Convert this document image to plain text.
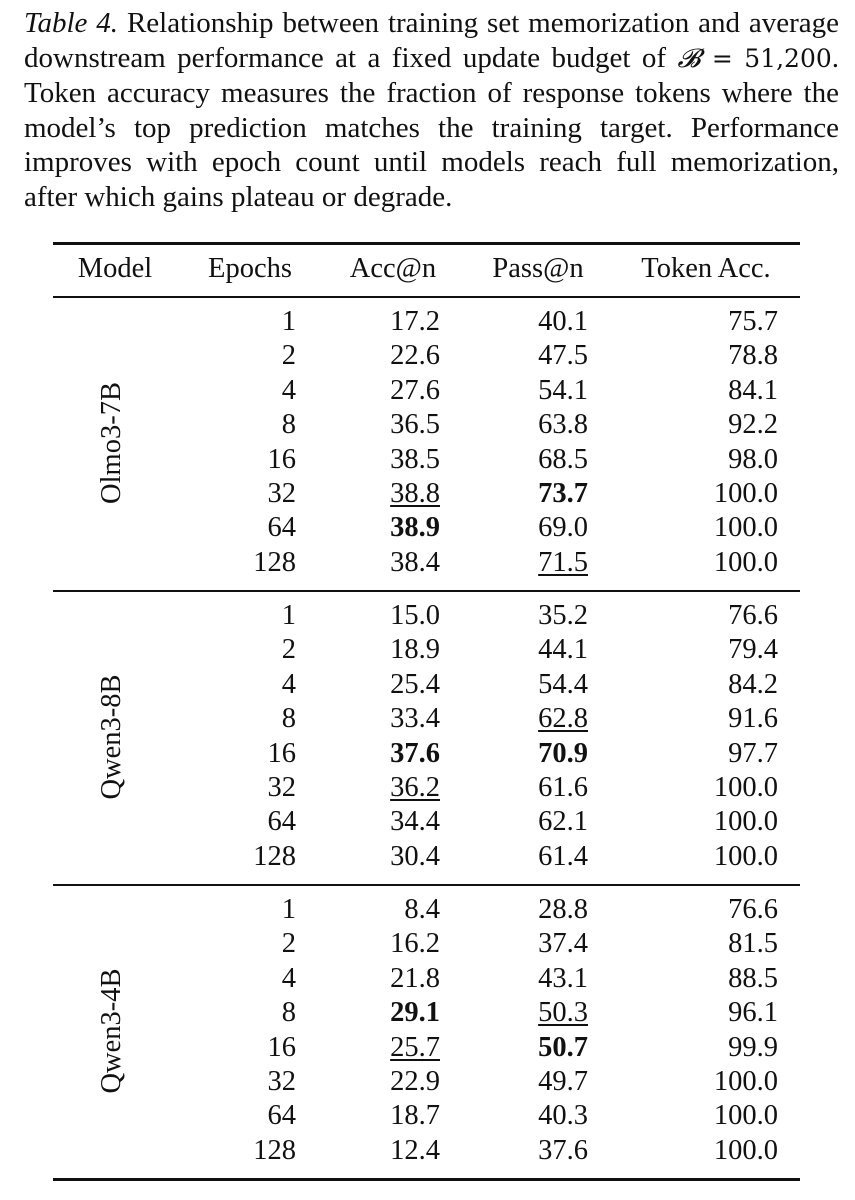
Table 4. Relationship between training set memorization and average downstream performance at a fixed update budget of 𝓑 = 51,200. Token accuracy measures the fraction of response tokens where the model’s top prediction matches the training target. Performance improves with epoch count until models reach full memorization, after which gains plateau or degrade.
Model Epochs Acc@n Pass@n Token Acc.
Olmo3-7B
1	17.2	40.1	75.7
2	22.6	47.5	78.8
4	27.6	54.1	84.1
8	36.5	63.8	92.2
16	38.5	68.5	98.0
32	38.8	73.7	100.0
64	38.9	69.0	100.0
128	38.4	71.5	100.0
Qwen3-8B
1	15.0	35.2	76.6
2	18.9	44.1	79.4
4	25.4	54.4	84.2
8	33.4	62.8	91.6
16	37.6	70.9	97.7
32	36.2	61.6	100.0
64	34.4	62.1	100.0
128	30.4	61.4	100.0
Qwen3-4B
1	8.4	28.8	76.6
2	16.2	37.4	81.5
4	21.8	43.1	88.5
8	29.1	50.3	96.1
16	25.7	50.7	99.9
32	22.9	49.7	100.0
64	18.7	40.3	100.0
128	12.4	37.6	100.0
